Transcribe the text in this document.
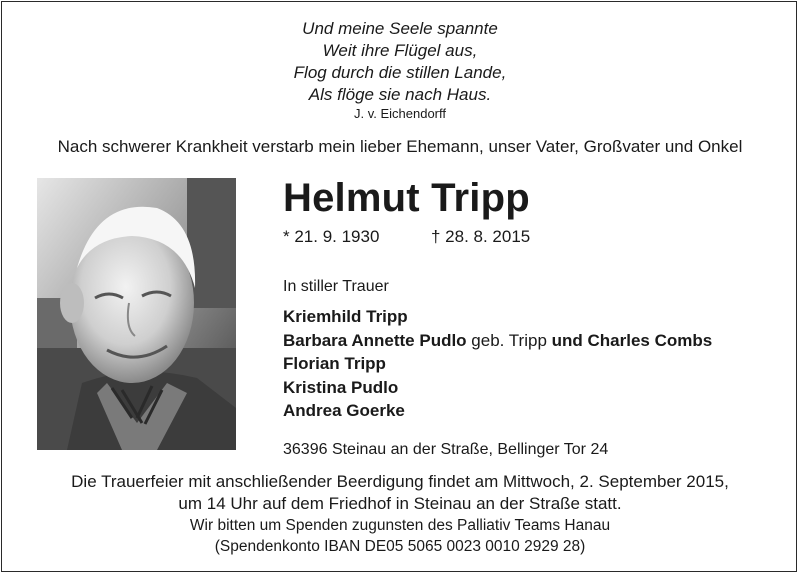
Und meine Seele spannte
Weit ihre Flügel aus,
Flog durch die stillen Lande,
Als flöge sie nach Haus.
J. v. Eichendorff
Nach schwerer Krankheit verstarb mein lieber Ehemann, unser Vater, Großvater und Onkel
Helmut Tripp
* 21. 9. 1930	† 28. 8. 2015
In stiller Trauer
Kriemhild Tripp
Barbara Annette Pudlo geb. Tripp und Charles Combs
Florian Tripp
Kristina Pudlo
Andrea Goerke
36396 Steinau an der Straße, Bellinger Tor 24
Die Trauerfeier mit anschließender Beerdigung findet am Mittwoch, 2. September 2015,
um 14 Uhr auf dem Friedhof in Steinau an der Straße statt.
Wir bitten um Spenden zugunsten des Palliativ Teams Hanau
(Spendenkonto IBAN DE05 5065 0023 0010 2929 28)
